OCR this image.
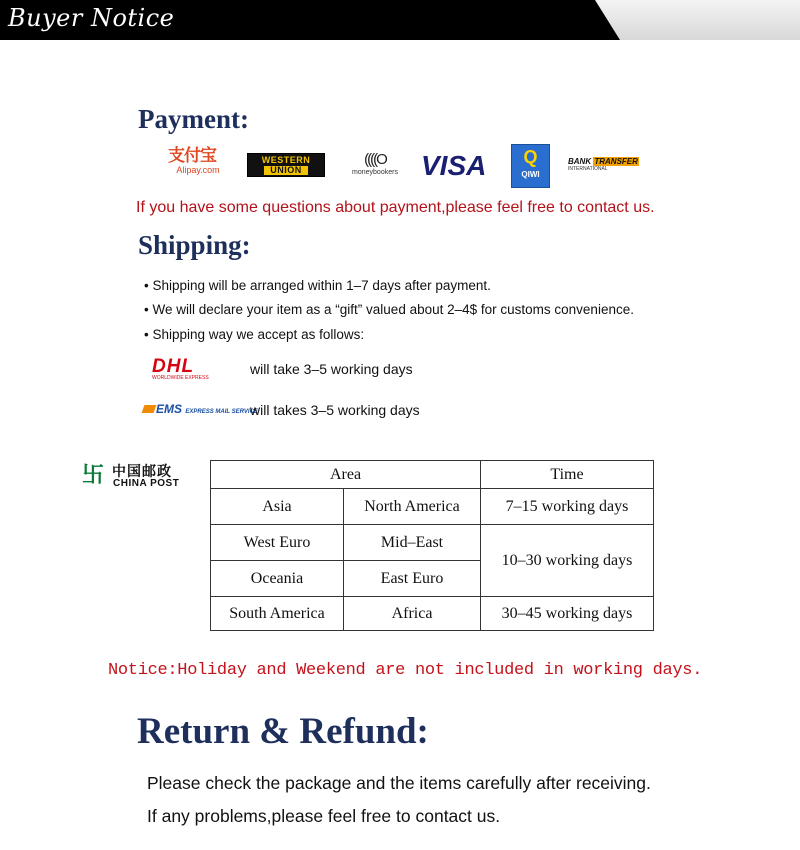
Buyer Notice
Payment:
支付宝
Alipay.com
WESTERN
UNION
((((O
moneybookers VISA	Q
QIWI
BANK TRANSFER
INTERNATIONAL
If you have some questions about payment,please feel free to contact us.
Shipping:
• Shipping will be arranged within 1–7 days after payment.
• We will declare your item as a “gift” valued about 2–4$ for customs convenience.
• Shipping way we accept as follows:
DHL
WORLDWIDE EXPRESS
will take 3–5 working days
EMS EXPRESS MAIL SERVICE
will takes 3–5 working days
卐 中国邮政
CHINA POST
Area		Time
Asia	North America	7–15 working days
West Euro	Mid–East	10–30 working days
Oceania	East Euro	
South America	Africa	30–45 working days
Notice:Holiday and Weekend are not included in working days.
Return & Refund:
Please check the package and the items carefully after receiving.
If any problems,please feel free to contact us.
